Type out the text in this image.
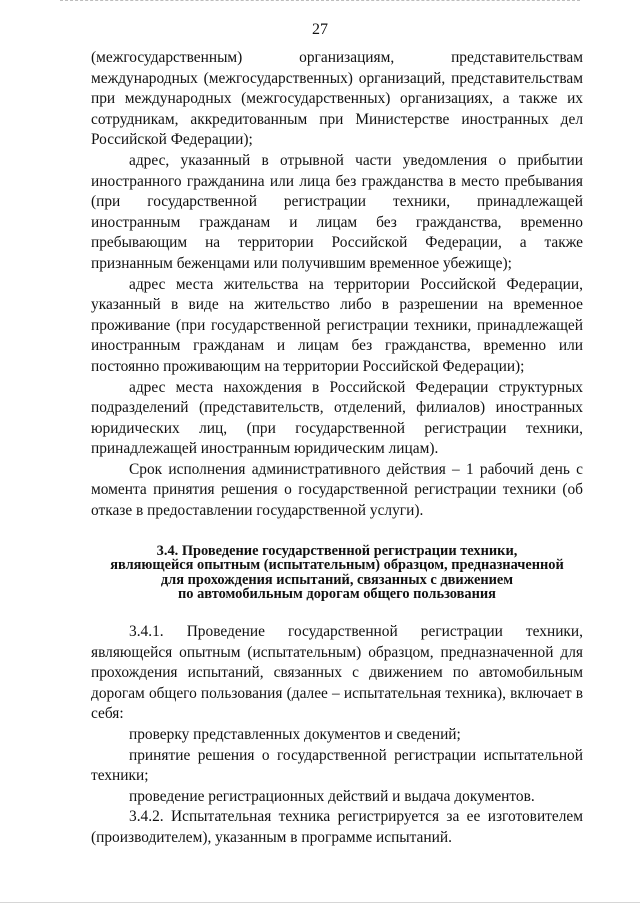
27

(межгосударственным) организациям, представительствам международных (межгосударственных) организаций, представительствам при международных (межгосударственных) организациях, а также их сотрудникам, аккредитованным при Министерстве иностранных дел Российской Федерации);

адрес, указанный в отрывной части уведомления о прибытии иностранного гражданина или лица без гражданства в место пребывания (при государственной регистрации техники, принадлежащей иностранным гражданам и лицам без гражданства, временно пребывающим на территории Российской Федерации, а также признанным беженцами или получившим временное убежище);

адрес места жительства на территории Российской Федерации, указанный в виде на жительство либо в разрешении на временное проживание (при государственной регистрации техники, принадлежащей иностранным гражданам и лицам без гражданства, временно или постоянно проживающим на территории Российской Федерации);

адрес места нахождения в Российской Федерации структурных подразделений (представительств, отделений, филиалов) иностранных юридических лиц, (при государственной регистрации техники, принадлежащей иностранным юридическим лицам).

Срок исполнения административного действия – 1 рабочий день с момента принятия решения о государственной регистрации техники (об отказе в предоставлении государственной услуги).

3.4. Проведение государственной регистрации техники,
являющейся опытным (испытательным) образцом, предназначенной
для прохождения испытаний, связанных с движением
по автомобильным дорогам общего пользования

3.4.1. Проведение государственной регистрации техники, являющейся опытным (испытательным) образцом, предназначенной для прохождения испытаний, связанных с движением по автомобильным дорогам общего пользования (далее – испытательная техника), включает в себя:

проверку представленных документов и сведений;

принятие решения о государственной регистрации испытательной техники;

проведение регистрационных действий и выдача документов.

3.4.2. Испытательная техника регистрируется за ее изготовителем (производителем), указанным в программе испытаний.
